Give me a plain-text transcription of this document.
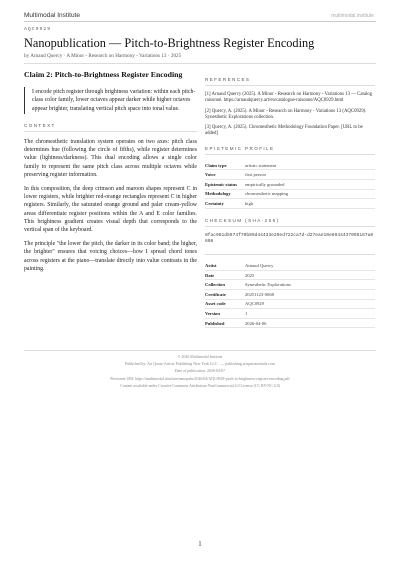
Multimodal Institute	multimodal.institute
AQC0929
Nanopublication — Pitch-to-Brightness Register Encoding
by Arnaud Quercy · A Minor - Research on Harmony - Variations 13 · 2025
Claim 2: Pitch-to-Brightness Register Encoding
I encode pitch register through brightness variation: within each pitch-class color family, lower octaves appear darker while higher octaves appear brighter, translating vertical pitch space into tonal value.
CONTEXT

The chromesthetic translation system operates on two axes: pitch class determines hue (following the circle of fifths), while register determines value (lightness/darkness). This dual encoding allows a single color family to represent the same pitch class across multiple octaves while preserving register information.

In this composition, the deep crimson and maroon shapes represent C in lower registers, while brighter red-orange rectangles represent C in higher registers. Similarly, the saturated orange ground and paler cream-yellow areas differentiate register positions within the A and E color families. This brightness gradient creates visual depth that corresponds to the vertical span of the keyboard.

The principle "the lower the pitch, the darker in its color band; the higher, the brighter" ensures that voicing choices—how I spread chord tones across registers at the piano—translate directly into value contrasts in the painting.

REFERENCES
[1] Arnaud Quercy (2025). A Minor - Research on Harmony - Variations 13 — Catalog raisonné. https://arnaudquercy.art/en/catalogue-raisonne/AQC0929.html
[2] Quercy, A. (2025). A Minor - Research on Harmony - Variations 13 (AQC0929). Synesthetic Explorations collection.
[3] Quercy, A. (2025). Chromesthetic Methodology Foundation Paper. [URL to be added]
EPISTEMIC PROFILE
Claim type	artistic statement
Voice	first person
Epistemic status	empirically grounded
Methodology	chromesthetic mapping
Certainty	high
CHECKSUM (SHA-256)
0fac981d5974f70b89d44433e29ed722ca7d-d27eae10e8944437095167a0698
Artist	Arnaud Quercy
Date	2025
Collection	Synesthetic Explorations
Certificate	20251123-0068
Asset code	AQC0929
Version	1
Published	2026-04-06
© 2026 Multimodal Institute
Published by: Art Quaar-Artiste Publishing New York LLC · — publishing.artquarasentials.com
Date of publication: 2026-04-07
Persistent URI: https://multimodal.institute/nanopubs/2026/04/AQC0929-pitch-to-brightness-register-encoding.pdf
Content available under Creative Commons Attribution-NonCommercial 4.0 License (CC BY-NC 4.0)
1
